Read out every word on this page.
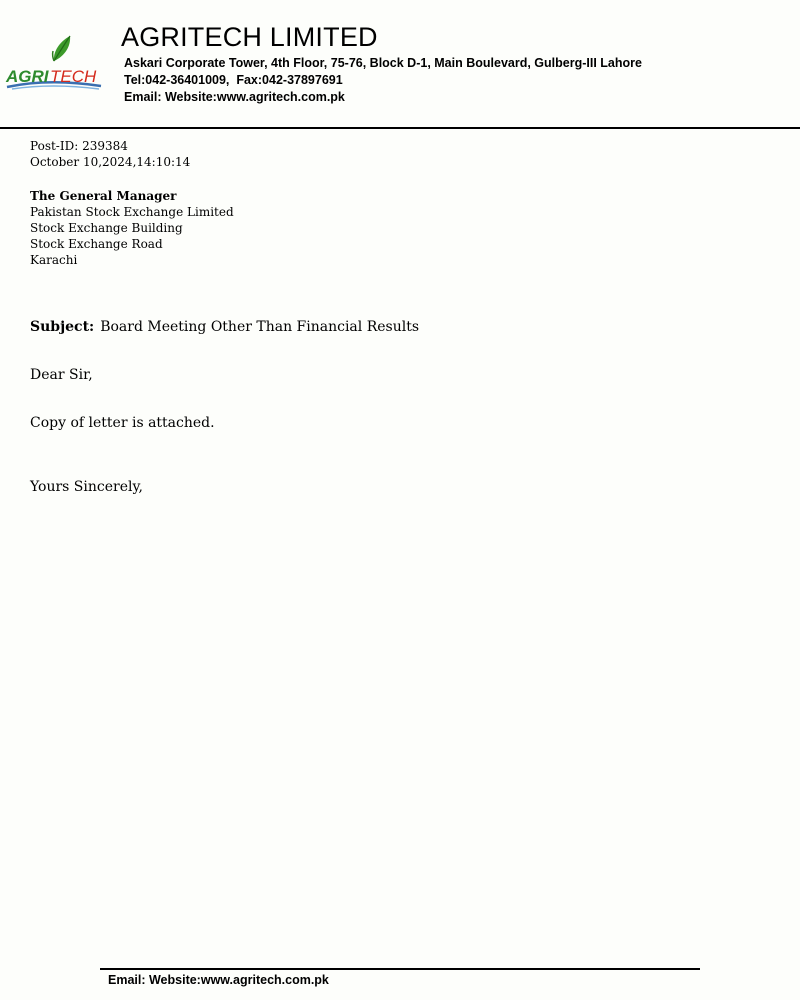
AGRI TECH
AGRITECH LIMITED
Askari Corporate Tower, 4th Floor, 75-76, Block D-1, Main Boulevard, Gulberg-III Lahore
Tel:042-36401009,  Fax:042-37897691
Email: Website:www.agritech.com.pk
Post-ID: 239384
October 10,2024,14:10:14
The General Manager
Pakistan Stock Exchange Limited
Stock Exchange Building
Stock Exchange Road
Karachi
Subject: Board Meeting Other Than Financial Results
Dear Sir,
Copy of letter is attached.
Yours Sincerely,
Email: Website:www.agritech.com.pk
